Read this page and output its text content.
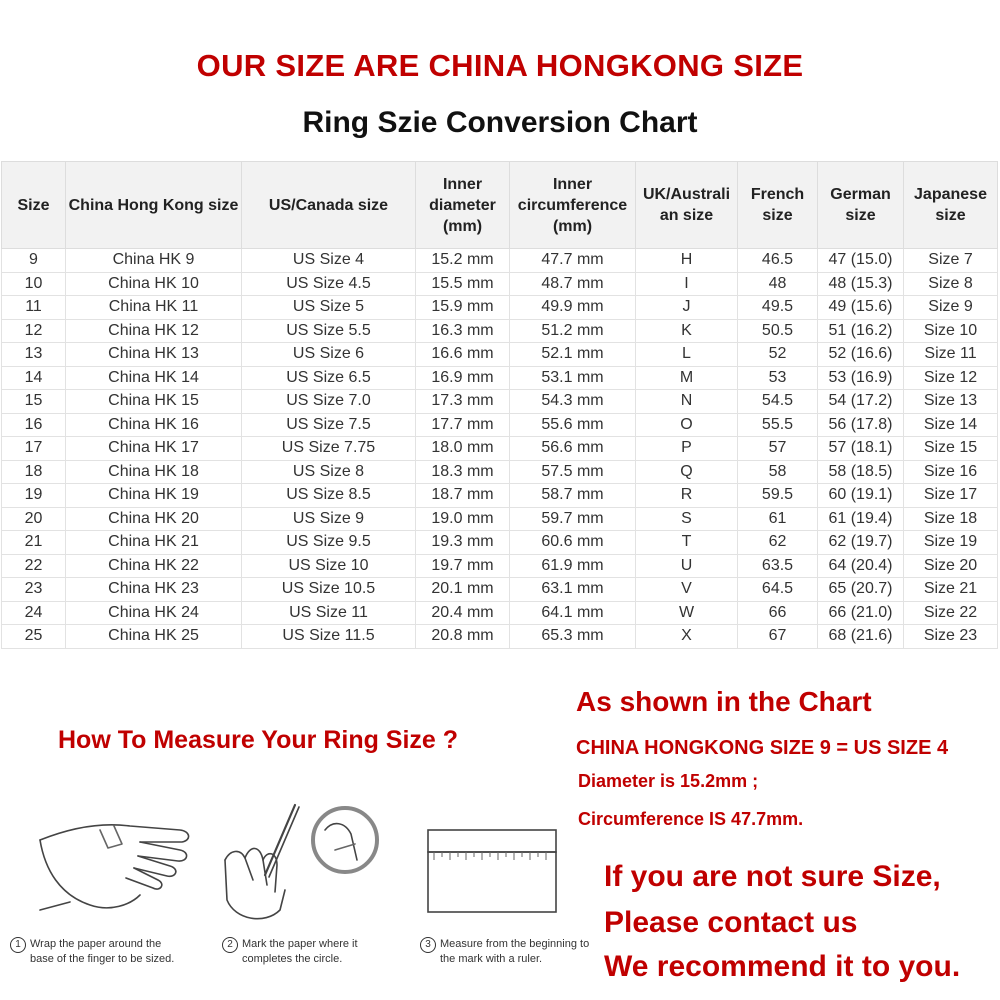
OUR SIZE ARE CHINA HONGKONG SIZE
Ring Szie Conversion Chart
Size	China Hong Kong size	US/Canada size	Inner diameter (mm)	Inner circumference (mm)	UK/Australi an size	French size	German size	Japanese size
9	China HK 9	US Size 4	15.2 mm	47.7 mm	H	46.5	47 (15.0)	Size 7
10	China HK 10	US Size 4.5	15.5 mm	48.7 mm	I	48	48 (15.3)	Size 8
11	China HK 11	US Size 5	15.9 mm	49.9 mm	J	49.5	49 (15.6)	Size 9
12	China HK 12	US Size 5.5	16.3 mm	51.2 mm	K	50.5	51 (16.2)	Size 10
13	China HK 13	US Size 6	16.6 mm	52.1 mm	L	52	52 (16.6)	Size 11
14	China HK 14	US Size 6.5	16.9 mm	53.1 mm	M	53	53 (16.9)	Size 12
15	China HK 15	US Size 7.0	17.3 mm	54.3 mm	N	54.5	54 (17.2)	Size 13
16	China HK 16	US Size 7.5	17.7 mm	55.6 mm	O	55.5	56 (17.8)	Size 14
17	China HK 17	US Size 7.75	18.0 mm	56.6 mm	P	57	57 (18.1)	Size 15
18	China HK 18	US Size 8	18.3 mm	57.5 mm	Q	58	58 (18.5)	Size 16
19	China HK 19	US Size 8.5	18.7 mm	58.7 mm	R	59.5	60 (19.1)	Size 17
20	China HK 20	US Size 9	19.0 mm	59.7 mm	S	61	61 (19.4)	Size 18
21	China HK 21	US Size 9.5	19.3 mm	60.6 mm	T	62	62 (19.7)	Size 19
22	China HK 22	US Size 10	19.7 mm	61.9 mm	U	63.5	64 (20.4)	Size 20
23	China HK 23	US Size 10.5	20.1 mm	63.1 mm	V	64.5	65 (20.7)	Size 21
24	China HK 24	US Size 11	20.4 mm	64.1 mm	W	66	66 (21.0)	Size 22
25	China HK 25	US Size 11.5	20.8 mm	65.3 mm	X	67	68 (21.6)	Size 23
How To Measure Your Ring Size ?
As shown in the Chart
CHINA HONGKONG SIZE 9 = US SIZE 4
Diameter is 15.2mm ;
Circumference IS 47.7mm.
If you are not sure Size,
Please contact us
We recommend it to you.
1 Wrap the paper around the base of the finger to be sized.
2 Mark the paper where it completes the circle.
3 Measure from the beginning to the mark with a ruler.
